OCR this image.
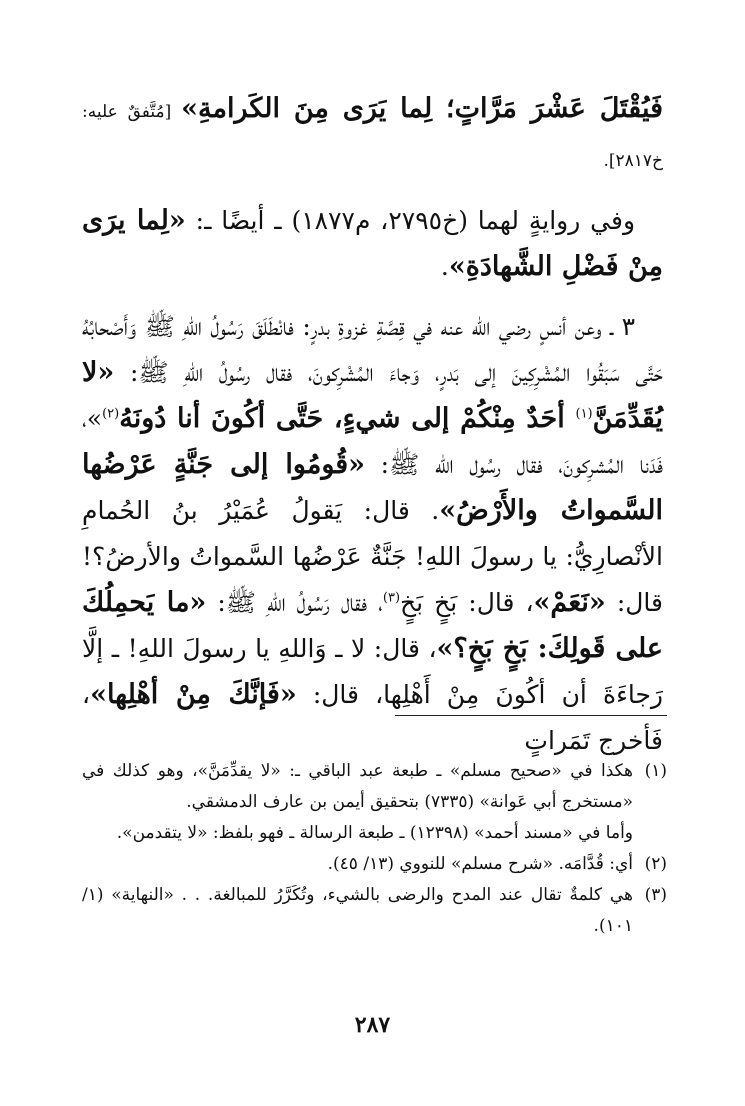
فَيُقْتَلَ عَشْرَ مَرَّاتٍ؛ لِما يَرَى مِنَ الكَرامةِ» [مُتَّفقٌ عليه: خ٢٨١٧].

وفي روايةٍ لهما (خ٢٧٩٥، م١٨٧٧) ـ أيضًا ـ: «لِما يرَى مِنْ فَضْلِ الشَّهادَةِ».

٣ ـ وعن أنسٍ رضي الله عنه في قِصَّةِ غزوةِ بدرٍ: فانْطَلَقَ رَسُولُ اللهِ ﷺ وَأَصْحابُهُ حَتَّى سَبَقُوا المُشْرِكِينَ إلى بَدرٍ، وَجاءَ المُشْرِكونَ، فقال رسُولُ اللهِ ﷺ: «لا يُقَدِّمَنَّ$^{(١)}$ أحَدٌ مِنْكُمْ إلى شيءٍ، حَتَّى أكُونَ أنا دُونَهُ$^{(٢)}$»، فَدَنا المُشرِكونَ، فقال رسُول الله ﷺ: «قُومُوا إلى جَنَّةٍ عَرْضُها السَّمواتُ والأَرْضُ». قال: يَقولُ عُمَيْرُ بنُ الحُمامِ الأنْصارِيُّ: يا رسولَ اللهِ! جَنَّةٌ عَرْضُها السَّمواتُ والأرضُ؟! قال: «نَعَمْ»، قال: بَخٍ بَخٍ$^{(٣)}$، فقال رَسُولُ اللهِ ﷺ: «ما يَحمِلُكَ على قَولِكَ: بَخٍ بَخٍ؟»، قال: لا ـ وَاللهِ يا رسولَ اللهِ! ـ إلَّا رَجاءَةَ أن أكُونَ مِنْ أَهْلِها، قال: «فَإنَّكَ مِنْ أهْلِها»، فَأخرج تَمَراتٍ

(١)
هكذا في «صحيح مسلم» ـ طبعة عبد الباقي ـ: «لا يقدِّمَنَّ»، وهو كذلك في «مستخرج أبي عَوانة» (٧٣٣٥) بتحقيق أيمن بن عارف الدمشقي.

وأما في «مسند أحمد» (١٢٣٩٨) ـ طبعة الرسالة ـ فهو بلفظ: «لا يتقدمن».

(٢)
أي: قُدَّامَه. «شرح مسلم» للنووي (١٣/ ٤٥).

(٣)
هي كلمةٌ تقال عند المدح والرضى بالشيء، وتُكَرَّرُ للمبالغة. . . «النهاية» (١/ ١٠١).

٢٨٧
